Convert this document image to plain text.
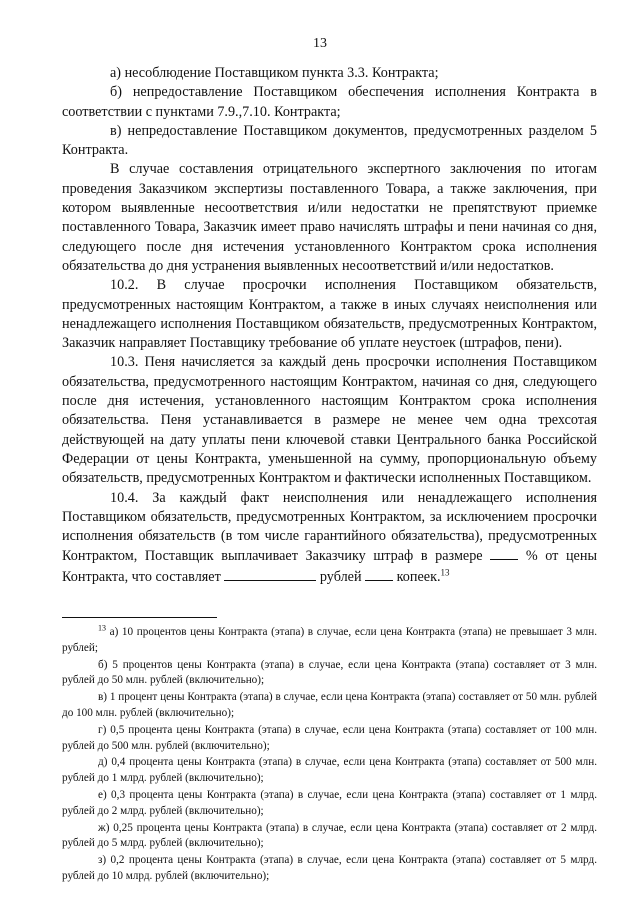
13

а) несоблюдение Поставщиком пункта 3.3. Контракта;

б) непредоставление Поставщиком обеспечения исполнения Контракта в соответствии с пунктами 7.9.,7.10. Контракта;

в) непредоставление Поставщиком документов, предусмотренных разделом 5 Контракта.

В случае составления отрицательного экспертного заключения по итогам проведения Заказчиком экспертизы поставленного Товара, а также заключения, при котором выявленные несоответствия и/или недостатки не препятствуют приемке поставленного Товара, Заказчик имеет право начислять штрафы и пени начиная со дня, следующего после дня истечения установленного Контрактом срока исполнения обязательства до дня устранения выявленных несоответствий и/или недостатков.

10.2. В случае просрочки исполнения Поставщиком обязательств, предусмотренных настоящим Контрактом, а также в иных случаях неисполнения или ненадлежащего исполнения Поставщиком обязательств, предусмотренных Контрактом, Заказчик направляет Поставщику требование об уплате неустоек (штрафов, пени).

10.3. Пеня начисляется за каждый день просрочки исполнения Поставщиком обязательства, предусмотренного настоящим Контрактом, начиная со дня, следующего после дня истечения, установленного настоящим Контрактом срока исполнения обязательства. Пеня устанавливается в размере не менее чем одна трехсотая действующей на дату уплаты пени ключевой ставки Центрального банка Российской Федерации от цены Контракта, уменьшенной на сумму, пропорциональную объему обязательств, предусмотренных Контрактом и фактически исполненных Поставщиком.

10.4. За каждый факт неисполнения или ненадлежащего исполнения Поставщиком обязательств, предусмотренных Контрактом, за исключением просрочки исполнения обязательств (в том числе гарантийного обязательства), предусмотренных Контрактом, Поставщик выплачивает Заказчику штраф в размере	% от цены Контракта, что составляет	рублей копеек.$^{13}$

$^{13}$ а) 10 процентов цены Контракта (этапа) в случае, если цена Контракта (этапа) не превышает 3 млн. рублей;

б) 5 процентов цены Контракта (этапа) в случае, если цена Контракта (этапа) составляет от 3 млн. рублей до 50 млн. рублей (включительно);

в) 1 процент цены Контракта (этапа) в случае, если цена Контракта (этапа) составляет от 50 млн. рублей до 100 млн. рублей (включительно);

г) 0,5 процента цены Контракта (этапа) в случае, если цена Контракта (этапа) составляет от 100 млн. рублей до 500 млн. рублей (включительно);

д) 0,4 процента цены Контракта (этапа) в случае, если цена Контракта (этапа) составляет от 500 млн. рублей до 1 млрд. рублей (включительно);

е) 0,3 процента цены Контракта (этапа) в случае, если цена Контракта (этапа) составляет от 1 млрд. рублей до 2 млрд. рублей (включительно);

ж) 0,25 процента цены Контракта (этапа) в случае, если цена Контракта (этапа) составляет от 2 млрд. рублей до 5 млрд. рублей (включительно);

з) 0,2 процента цены Контракта (этапа) в случае, если цена Контракта (этапа) составляет от 5 млрд. рублей до 10 млрд. рублей (включительно);
